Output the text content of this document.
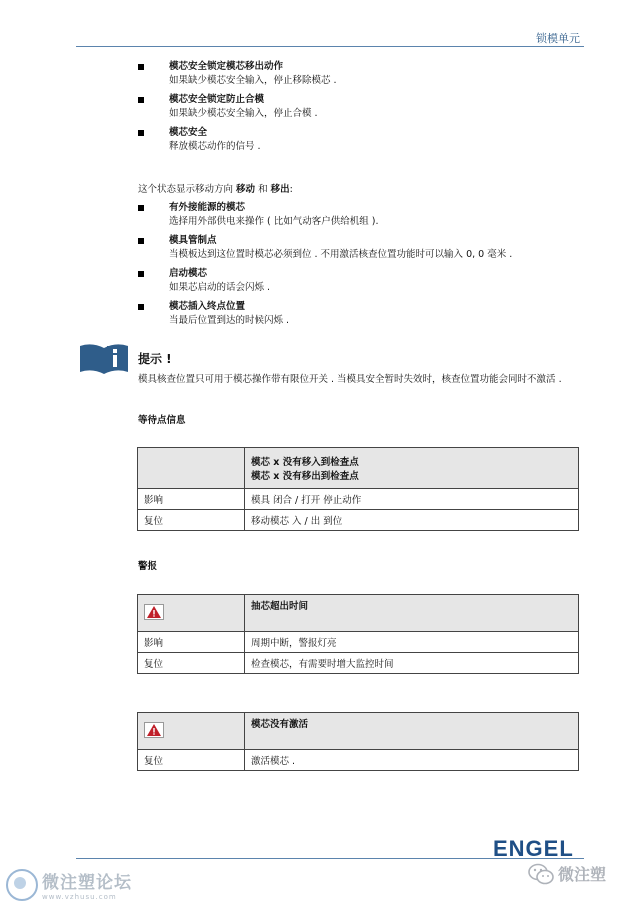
锁模单元
模芯安全锁定模芯移出动作
如果缺少模芯安全输入，停止移除模芯 .
模芯安全锁定防止合模
如果缺少模芯安全输入，停止合模 .
模芯安全
释放模芯动作的信号 .
这个状态显示移动方向 移动 和 移出:
有外接能源的模芯
选择用外部供电来操作 ( 比如气动客户供给机组 ).
模具管制点
当模板达到这位置时模芯必须到位 . 不用激活核查位置功能时可以输入 0, 0 毫米 .
启动模芯
如果芯启动的话会闪烁 .
模芯插入终点位置
当最后位置到达的时候闪烁 .
提示 !
模具核查位置只可用于模芯操作带有限位开关 . 当模具安全暂时失效时，核查位置功能会同时不激活 .
等待点信息

	模芯 x 没有移入到检查点
模芯 x 没有移出到检查点

影响	模具 闭合 / 打开 停止动作
复位	移动模芯 入 / 出 到位
警报
	抽芯超出时间
影响	周期中断，警报灯亮
复位	检查模芯，有需要时增大监控时间
	模芯没有激活
复位	激活模芯 .
ENGEL
微注塑论坛
www.vzhusu.com
微注塑
